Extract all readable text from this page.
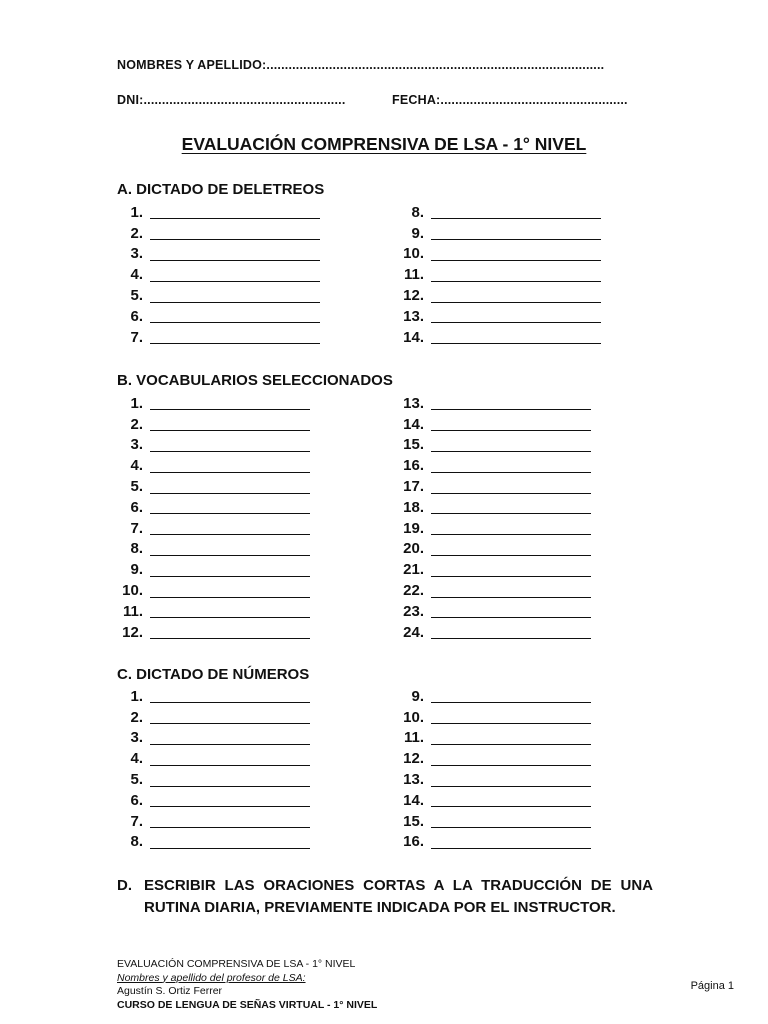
NOMBRES Y APELLIDO:............................................................................................
DNI:.......................................................	FECHA:...................................................
EVALUACIÓN COMPRENSIVA DE LSA - 1° NIVEL
A. DICTADO DE DELETREOS
1.
2.
3.
4.
5.
6.
7.
8.
9.
10.
11.
12.
13.
14.
B. VOCABULARIOS SELECCIONADOS
1.
2.
3.
4.
5.
6.
7.
8.
9.
10.
11.
12.
13.
14.
15.
16.
17.
18.
19.
20.
21.
22.
23.
24.
C. DICTADO DE NÚMEROS
1.
2.
3.
4.
5.
6.
7.
8.
9.
10.
11.
12.
13.
14.
15.
16.
D. ESCRIBIR LAS ORACIONES CORTAS A LA TRADUCCIÓN DE UNA RUTINA DIARIA, PREVIAMENTE INDICADA POR EL INSTRUCTOR.
EVALUACIÓN COMPRENSIVA DE LSA - 1° NIVEL
Nombres y apellido del profesor de LSA:
Agustín S. Ortiz Ferrer
CURSO DE LENGUA DE SEÑAS VIRTUAL - 1° NIVEL
Página 1
